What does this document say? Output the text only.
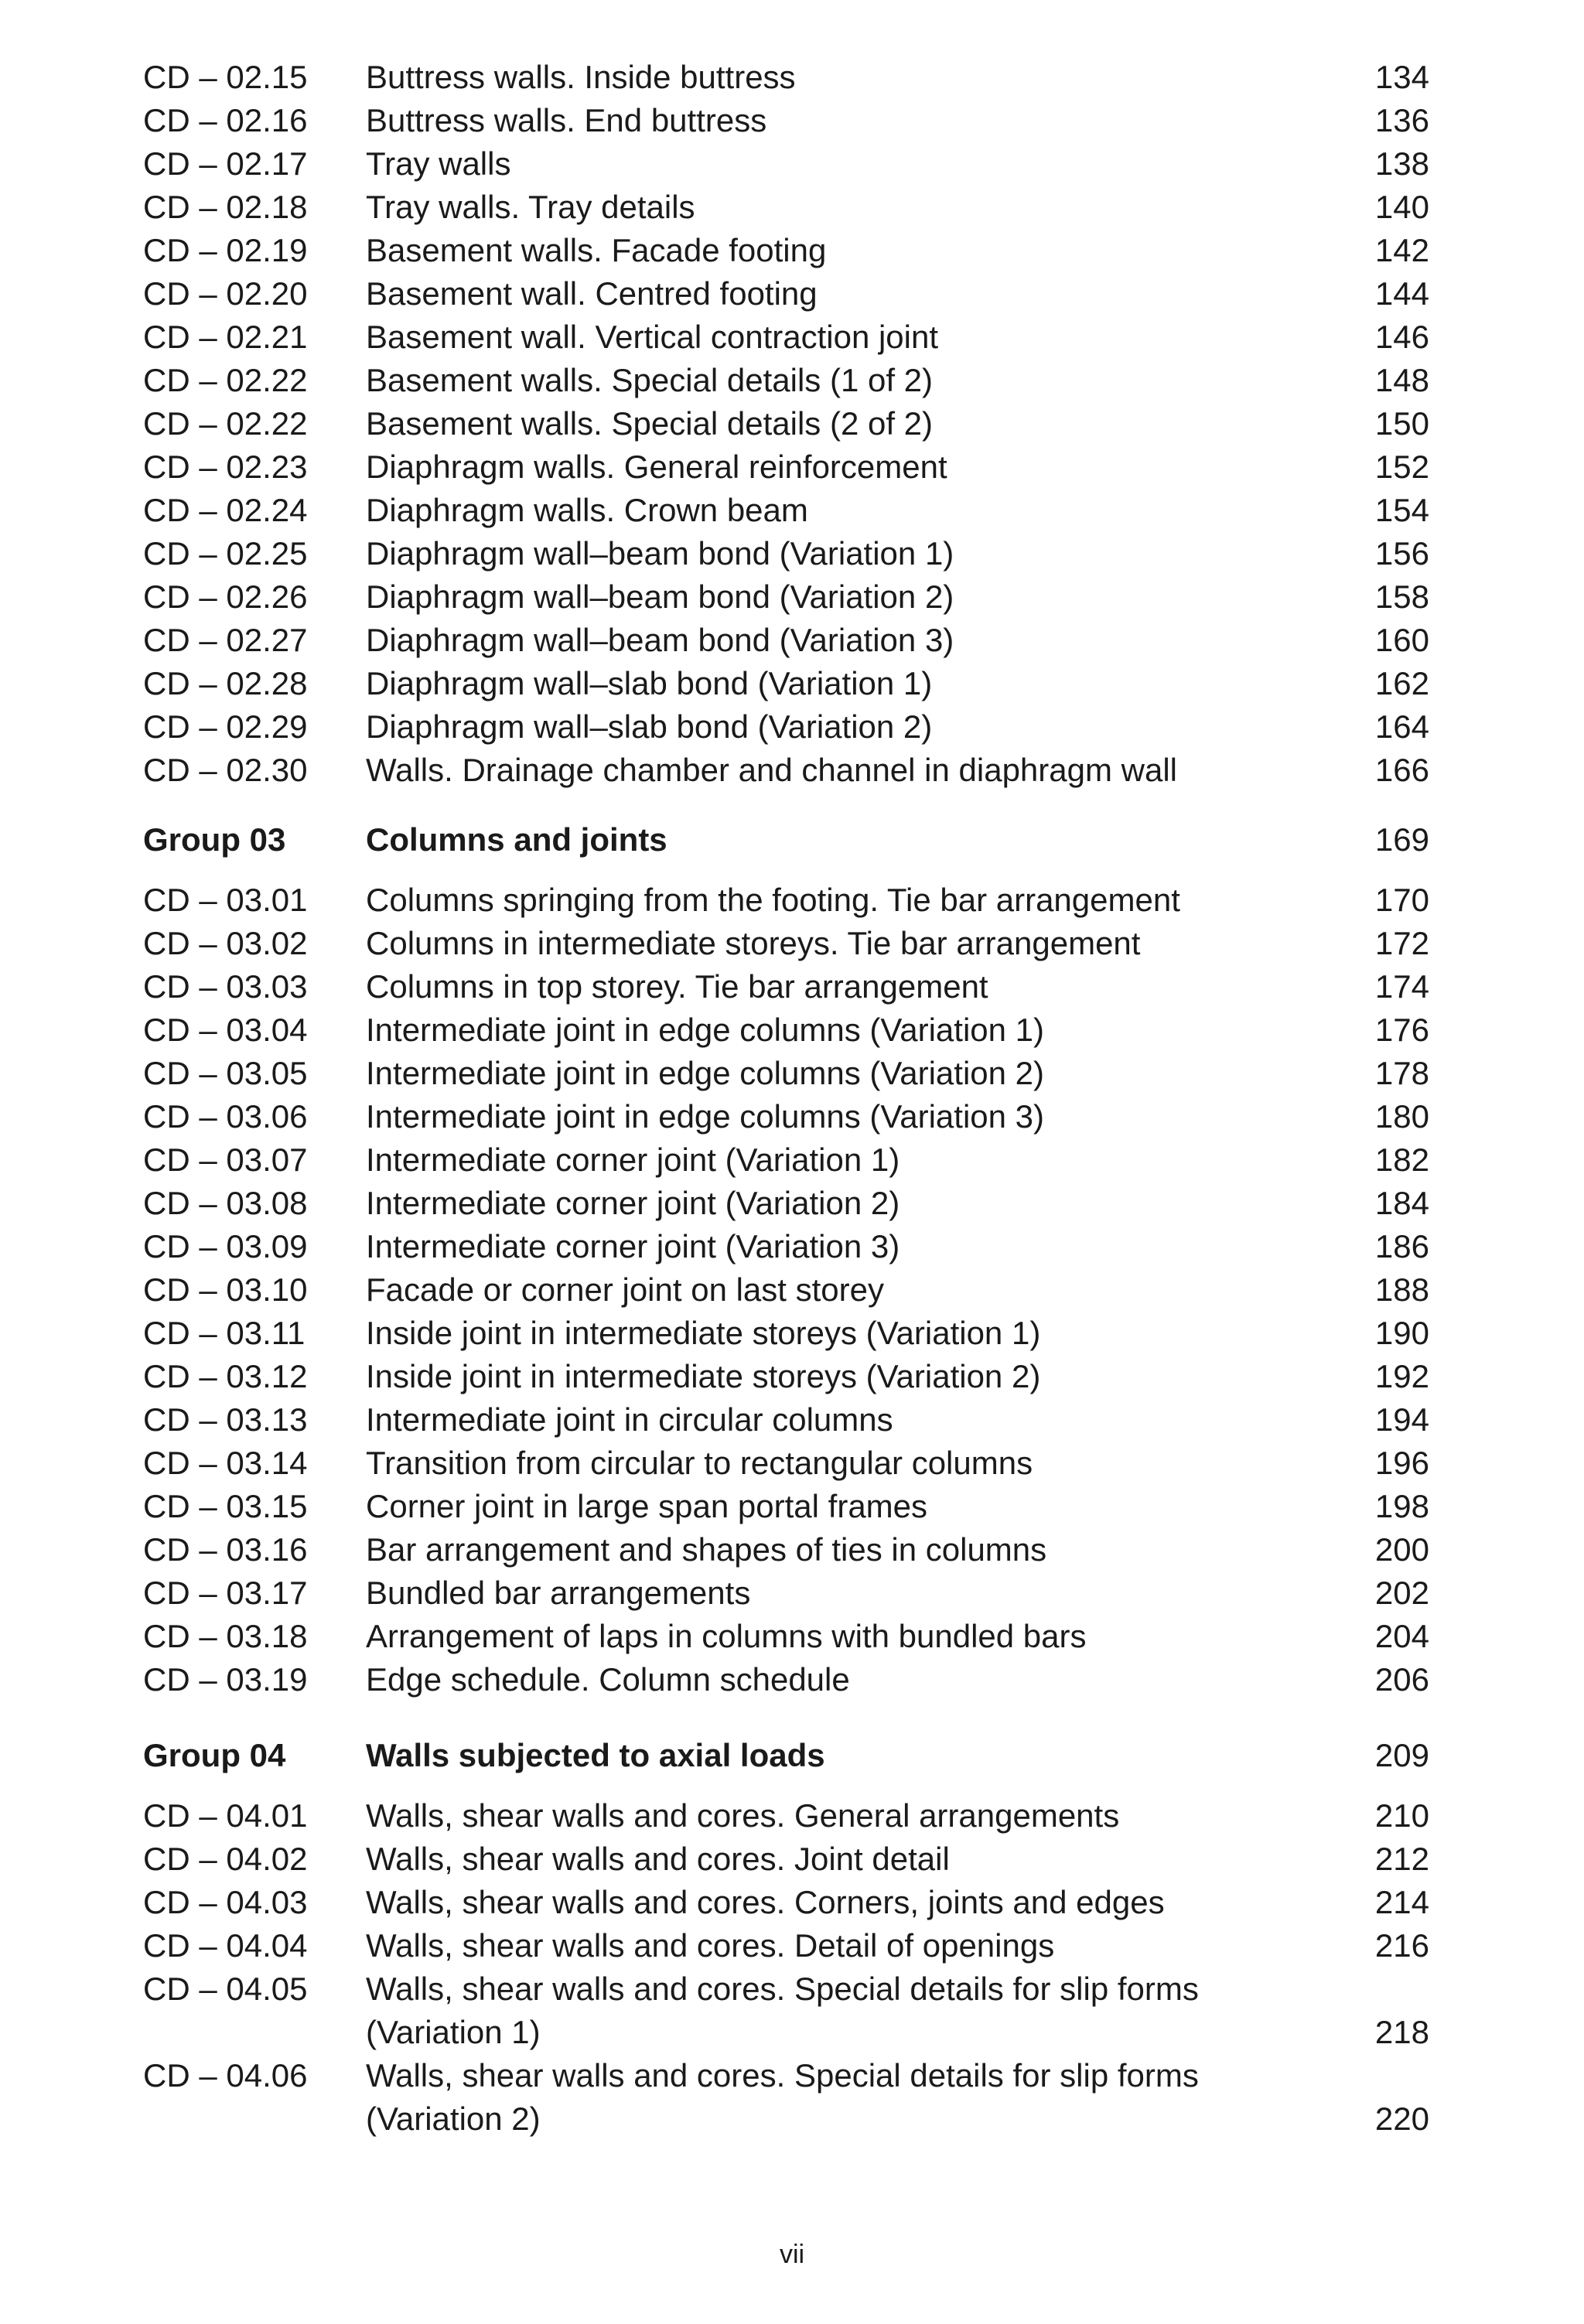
CD – 02.15 Buttress walls. Inside buttress	134
CD – 02.16 Buttress walls. End buttress	136
CD – 02.17 Tray walls	138
CD – 02.18 Tray walls. Tray details	140
CD – 02.19 Basement walls. Facade footing	142
CD – 02.20 Basement wall. Centred footing	144
CD – 02.21 Basement wall. Vertical contraction joint	146
CD – 02.22 Basement walls. Special details (1 of 2)	148
CD – 02.22 Basement walls. Special details (2 of 2)	150
CD – 02.23 Diaphragm walls. General reinforcement	152
CD – 02.24 Diaphragm walls. Crown beam	154
CD – 02.25 Diaphragm wall–beam bond (Variation 1)	156
CD – 02.26 Diaphragm wall–beam bond (Variation 2)	158
CD – 02.27 Diaphragm wall–beam bond (Variation 3)	160
CD – 02.28 Diaphragm wall–slab bond (Variation 1)	162
CD – 02.29 Diaphragm wall–slab bond (Variation 2)	164
CD – 02.30 Walls. Drainage chamber and channel in diaphragm wall	166
Group 03 Columns and joints	169
CD – 03.01 Columns springing from the footing. Tie bar arrangement	170
CD – 03.02 Columns in intermediate storeys. Tie bar arrangement	172
CD – 03.03 Columns in top storey. Tie bar arrangement	174
CD – 03.04 Intermediate joint in edge columns (Variation 1)	176
CD – 03.05 Intermediate joint in edge columns (Variation 2)	178
CD – 03.06 Intermediate joint in edge columns (Variation 3)	180
CD – 03.07 Intermediate corner joint (Variation 1)	182
CD – 03.08 Intermediate corner joint (Variation 2)	184
CD – 03.09 Intermediate corner joint (Variation 3)	186
CD – 03.10 Facade or corner joint on last storey	188
CD – 03.11 Inside joint in intermediate storeys (Variation 1)	190
CD – 03.12 Inside joint in intermediate storeys (Variation 2)	192
CD – 03.13 Intermediate joint in circular columns	194
CD – 03.14 Transition from circular to rectangular columns	196
CD – 03.15 Corner joint in large span portal frames	198
CD – 03.16 Bar arrangement and shapes of ties in columns	200
CD – 03.17 Bundled bar arrangements	202
CD – 03.18 Arrangement of laps in columns with bundled bars	204
CD – 03.19 Edge schedule. Column schedule	206
Group 04 Walls subjected to axial loads	209
CD – 04.01 Walls, shear walls and cores. General arrangements	210
CD – 04.02 Walls, shear walls and cores. Joint detail	212
CD – 04.03 Walls, shear walls and cores. Corners, joints and edges	214
CD – 04.04 Walls, shear walls and cores. Detail of openings	216
CD – 04.05 Walls, shear walls and cores. Special details for slip forms (Variation 1)	218
CD – 04.06 Walls, shear walls and cores. Special details for slip forms (Variation 2)	220
vii
